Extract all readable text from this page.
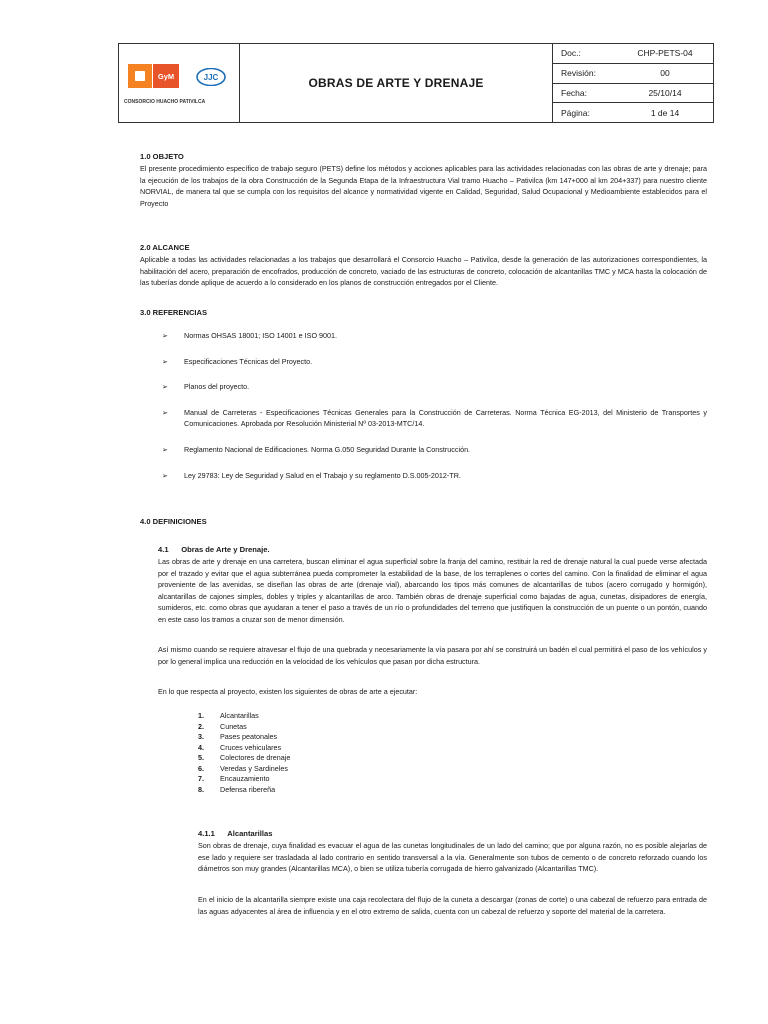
GyM	JJC
CONSORCIO HUACHO PATIVILCA
OBRAS DE ARTE Y DRENAJE
Doc.:	CHP-PETS-04
Revisión:	00
Fecha:	25/10/14
Página:	1 de 14

1.0 OBJETO

El presente procedimiento específico de trabajo seguro (PETS) define los métodos y acciones aplicables para las actividades relacionadas con las obras de arte y drenaje; para la ejecución de los trabajos de la obra Construcción de la Segunda Etapa de la Infraestructura Vial tramo Huacho – Pativilca (km 147+000 al km 204+337) para nuestro cliente NORVIAL, de manera tal que se cumpla con los requisitos del alcance y normatividad vigente en Calidad, Seguridad, Salud Ocupacional y Medioambiente establecidos para el Proyecto

2.0 ALCANCE

Aplicable a todas las actividades relacionadas a los trabajos que desarrollará el Consorcio Huacho – Pativilca, desde la generación de las autorizaciones correspondientes, la habilitación del acero, preparación de encofrados, producción de concreto, vaciado de las estructuras de concreto, colocación de alcantarillas TMC y MCA hasta la colocación de las tuberías donde aplique de acuerdo a lo considerado en los planos de construcción entregados por el Cliente.

3.0 REFERENCIAS

➢ Normas OHSAS 18001; ISO 14001 e ISO 9001.
➢ Especificaciones Técnicas del Proyecto.
➢ Planos del proyecto.
➢ Manual de Carreteras - Especificaciones Técnicas Generales para la Construcción de Carreteras. Norma Técnica EG-2013, del Ministerio de Transportes y Comunicaciones. Aprobada por Resolución Ministerial Nº 03-2013-MTC/14.
➢ Reglamento Nacional de Edificaciones. Norma G.050 Seguridad Durante la Construcción.
➢ Ley 29783: Ley de Seguridad y Salud en el Trabajo y su reglamento D.S.005-2012-TR.

4.0 DEFINICIONES

4.1      Obras de Arte y Drenaje.

Las obras de arte y drenaje en una carretera, buscan eliminar el agua superficial sobre la franja del camino, restituir la red de drenaje natural la cual puede verse afectada por el trazado y evitar que el agua subterránea pueda comprometer la estabilidad de la base, de los terraplenes o cortes del camino. Con la finalidad de eliminar el agua proveniente de las avenidas, se diseñan las obras de arte (drenaje vial), abarcando los tipos más comunes de alcantarillas de tubos (acero corrugado y hormigón), alcantarillas de cajones simples, dobles y triples y alcantarillas de arco. También obras de drenaje superficial como bajadas de agua, cunetas, disipadores de energía, sumideros, etc. como obras que ayudaran a tener el paso a través de un río o profundidades del terreno que justifiquen la construcción de un puente o un pontón, cuando en este caso los tramos a cruzar son de menor dimensión.

Así mismo cuando se requiere atravesar el flujo de una quebrada y necesariamente la vía pasara por ahí se construirá un badén el cual permitirá el paso de los vehículos y por lo general implica una reducción en la velocidad de los vehículos que pasan por dicha estructura.

En lo que respecta al proyecto, existen los siguientes de obras de arte a ejecutar:

1.	Alcantarillas
2.	Cunetas
3.	Pases peatonales
4.	Cruces vehiculares
5.	Colectores de drenaje
6.	Veredas y Sardineles
7.	Encauzamiento
8.	Defensa ribereña

4.1.1      Alcantarillas

Son obras de drenaje, cuya finalidad es evacuar el agua de las cunetas longitudinales de un lado del camino; que por alguna razón, no es posible alejarlas de ese lado y requiere ser trasladada al lado contrario en sentido transversal a la vía. Generalmente son tubos de cemento o de concreto reforzado cuando los diámetros son muy grandes (Alcantarillas MCA), o bien se utiliza tubería corrugada de hierro galvanizado (Alcantarillas TMC).

En el inicio de la alcantarilla siempre existe una caja recolectara del flujo de la cuneta a descargar (zonas de corte) o una cabezal de refuerzo para entrada de las aguas adyacentes al área de influencia y en el otro extremo de salida, cuenta con un cabezal de refuerzo y soporte del material de la carretera.
